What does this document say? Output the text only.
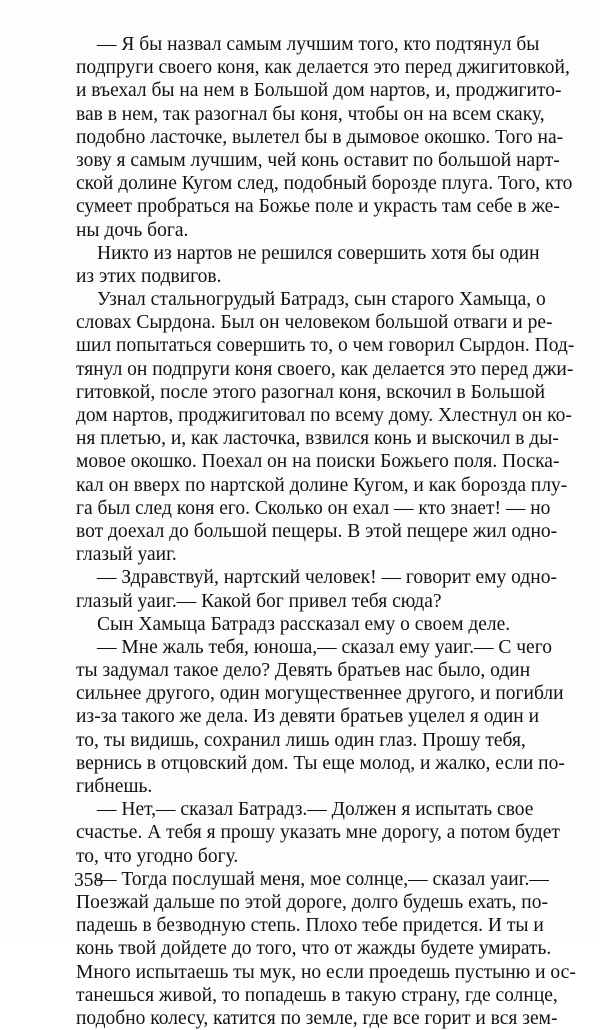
— Я бы назвал самым лучшим того, кто подтянул бы
подпруги своего коня, как делается это перед джигитовкой,
и въехал бы на нем в Большой дом нартов, и, проджигито-
вав в нем, так разогнал бы коня, чтобы он на всем скаку,
подобно ласточке, вылетел бы в дымовое окошко. Того на-
зову я самым лучшим, чей конь оставит по большой нарт-
ской долине Кугом след, подобный борозде плуга. Того, кто
сумеет пробраться на Божье поле и украсть там себе в же-
ны дочь бога.
Никто из нартов не решился совершить хотя бы один
из этих подвигов.
Узнал стальногрудый Батрадз, сын старого Хамыца, о
словах Сырдона. Был он человеком большой отваги и ре-
шил попытаться совершить то, о чем говорил Сырдон. Под-
тянул он подпруги коня своего, как делается это перед джи-
гитовкой, после этого разогнал коня, вскочил в Большой
дом нартов, проджигитовал по всему дому. Хлестнул он ко-
ня плетью, и, как ласточка, взвился конь и выскочил в ды-
мовое окошко. Поехал он на поиски Божьего поля. Поска-
кал он вверх по нартской долине Кугом, и как борозда плу-
га был след коня его. Сколько он ехал — кто знает! — но
вот доехал до большой пещеры. В этой пещере жил одно-
глазый уаиг.
— Здравствуй, нартский человек! — говорит ему одно-
глазый уаиг.— Какой бог привел тебя сюда?
Сын Хамыца Батрадз рассказал ему о своем деле.
— Мне жаль тебя, юноша,— сказал ему уаиг.— С чего
ты задумал такое дело? Девять братьев нас было, один
сильнее другого, один могущественнее другого, и погибли
из-за такого же дела. Из девяти братьев уцелел я один и
то, ты видишь, сохранил лишь один глаз. Прошу тебя,
вернись в отцовский дом. Ты еще молод, и жалко, если по-
гибнешь.
— Нет,— сказал Батрадз.— Должен я испытать свое
счастье. А тебя я прошу указать мне дорогу, а потом будет
то, что угодно богу.
— Тогда послушай меня, мое солнце,— сказал уаиг.—
Поезжай дальше по этой дороге, долго будешь ехать, по-
падешь в безводную степь. Плохо тебе придется. И ты и
конь твой дойдете до того, что от жажды будете умирать.
Много испытаешь ты мук, но если проедешь пустыню и ос-
танешься живой, то попадешь в такую страну, где солнце,
подобно колесу, катится по земле, где все горит и вся зем-
358
